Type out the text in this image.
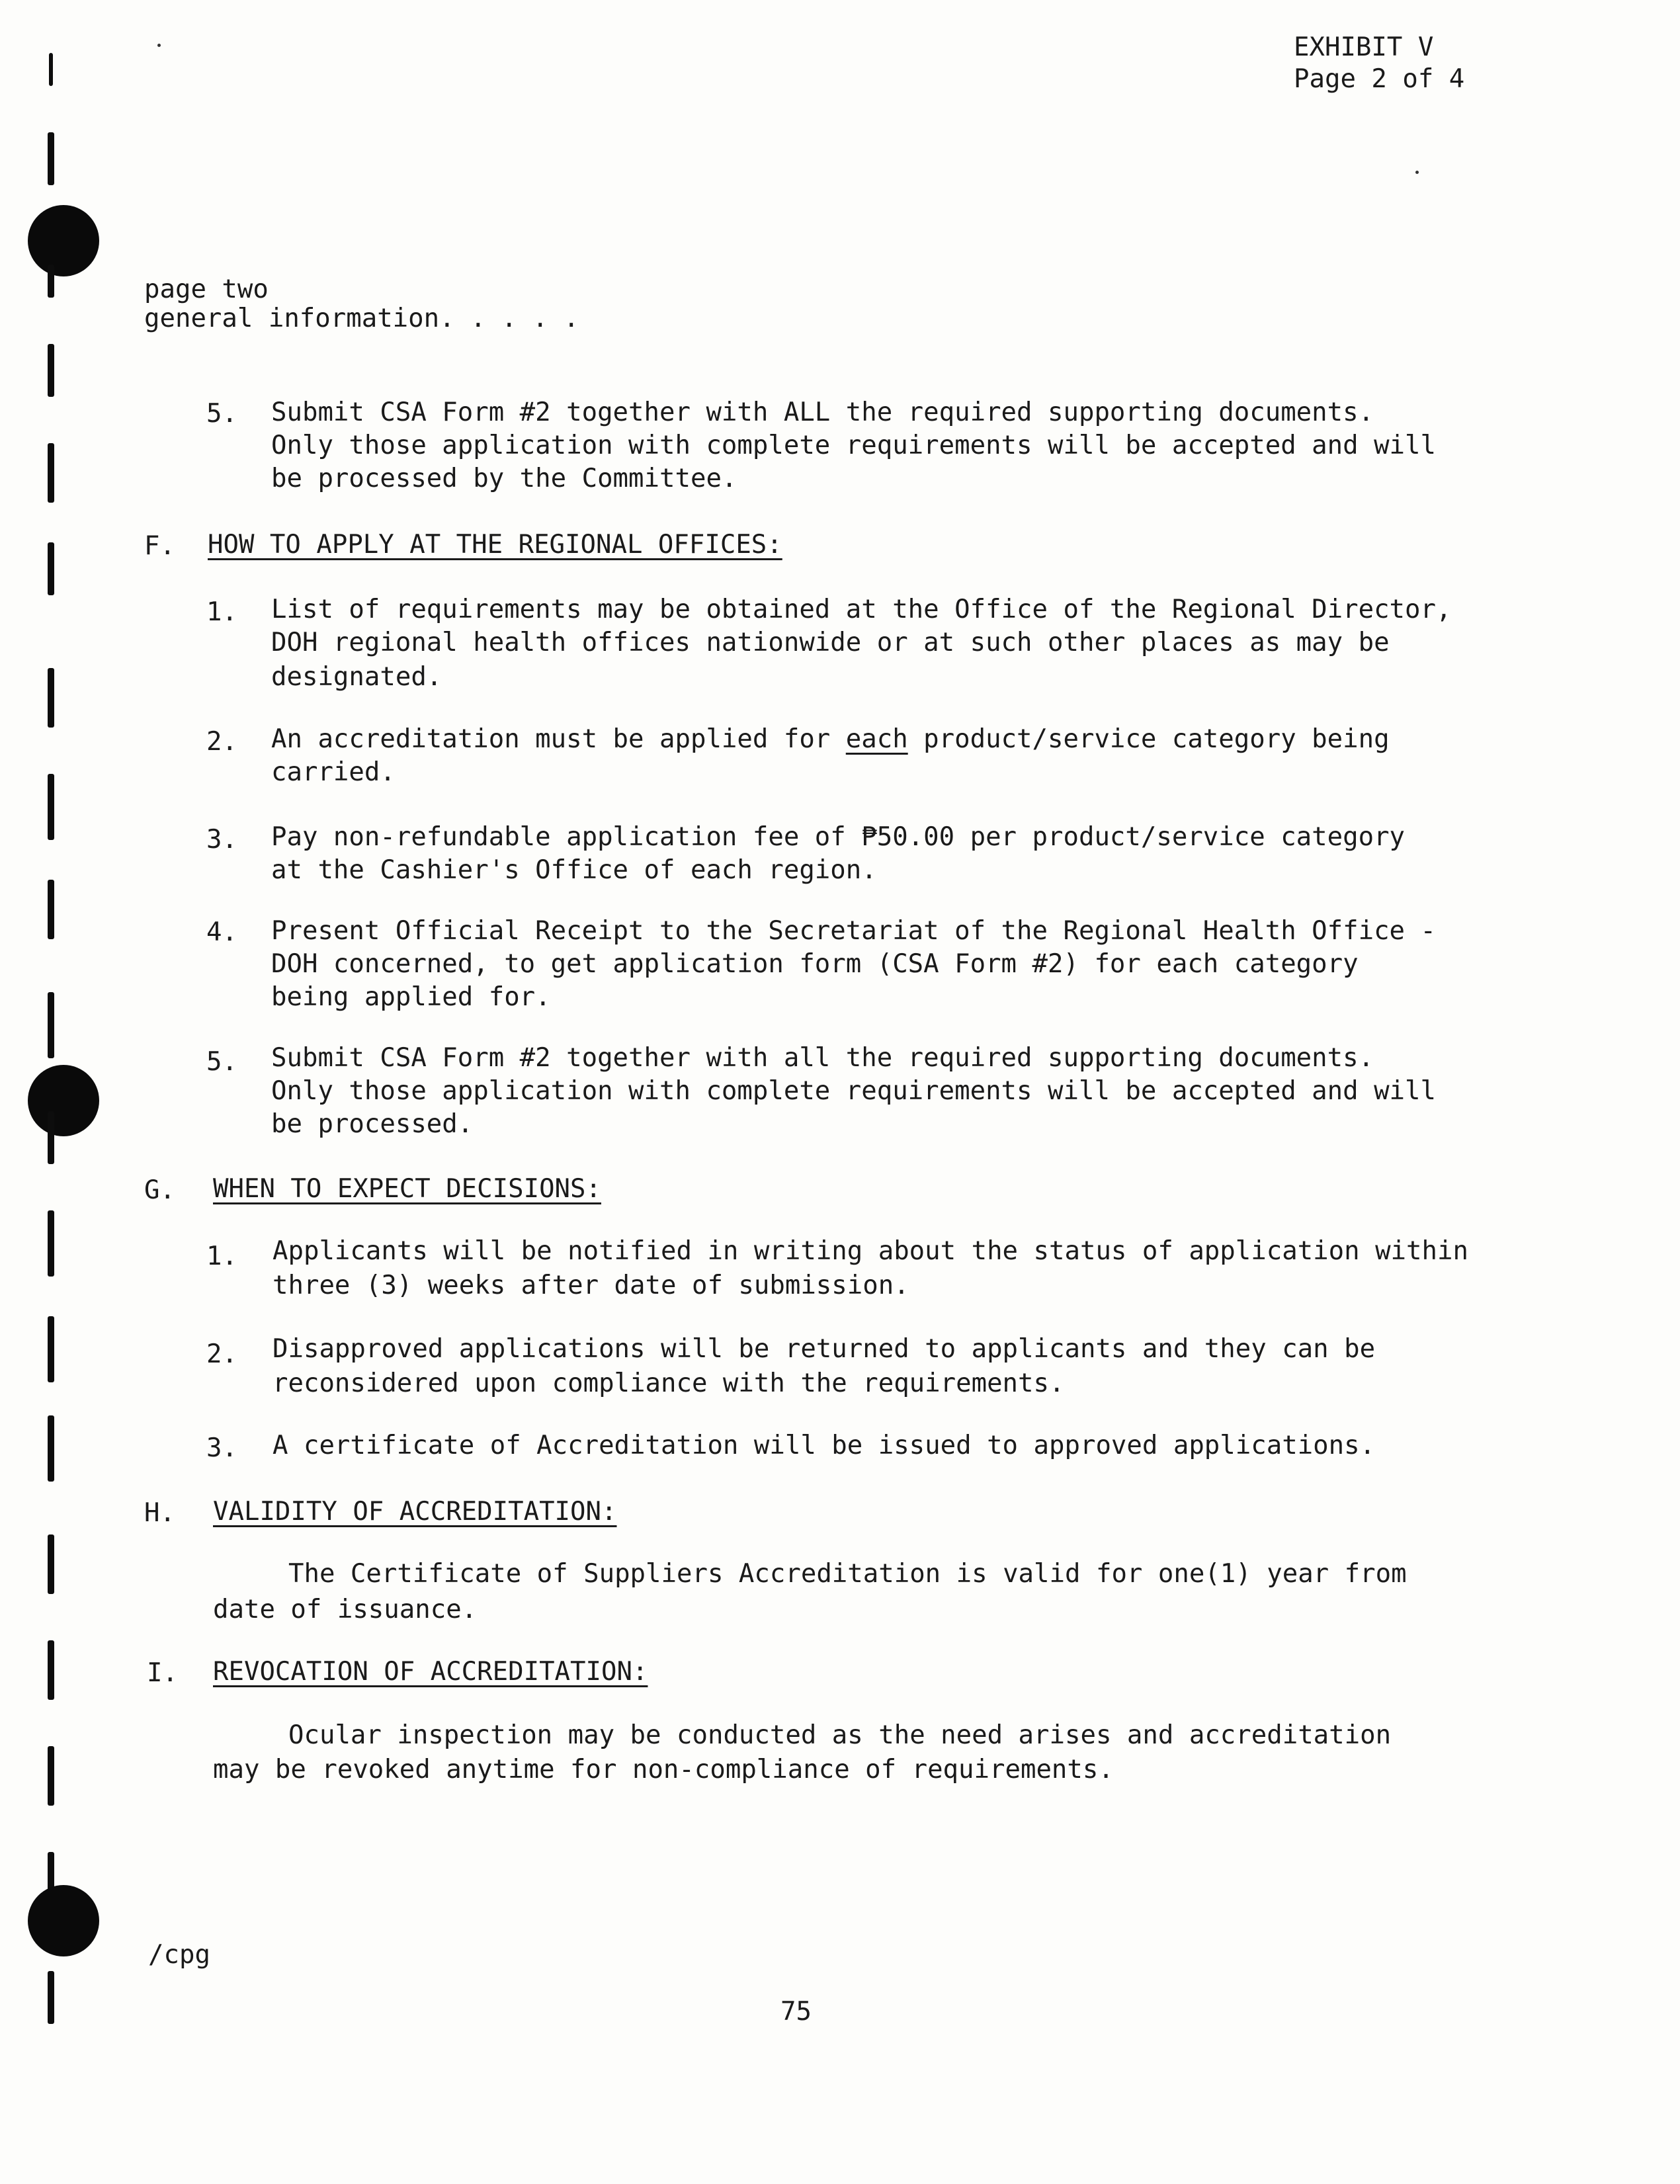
EXHIBIT V
Page 2 of 4
page two
general information. . . . .
5. Submit CSA Form #2 together with ALL the required supporting documents.
Only those application with complete requirements will be accepted and will
be processed by the Committee.
F. HOW TO APPLY AT THE REGIONAL OFFICES:
1. List of requirements may be obtained at the Office of the Regional Director,
DOH regional health offices nationwide or at such other places as may be
designated.
2. An accreditation must be applied for each product/service category being
carried.
3. Pay non-refundable application fee of ₱50.00 per product/service category
at the Cashier's Office of each region.
4. Present Official Receipt to the Secretariat of the Regional Health Office -
DOH concerned, to get application form (CSA Form #2) for each category
being applied for.
5. Submit CSA Form #2 together with all the required supporting documents.
Only those application with complete requirements will be accepted and will
be processed.
G. WHEN TO EXPECT DECISIONS:
1. Applicants will be notified in writing about the status of application within
three (3) weeks after date of submission.
2. Disapproved applications will be returned to applicants and they can be
reconsidered upon compliance with the requirements.
3. A certificate of Accreditation will be issued to approved applications.
H. VALIDITY OF ACCREDITATION:
The Certificate of Suppliers Accreditation is valid for one(1) year from
date of issuance.
I. REVOCATION OF ACCREDITATION:
Ocular inspection may be conducted as the need arises and accreditation
may be revoked anytime for non-compliance of requirements.
/cpg
75
